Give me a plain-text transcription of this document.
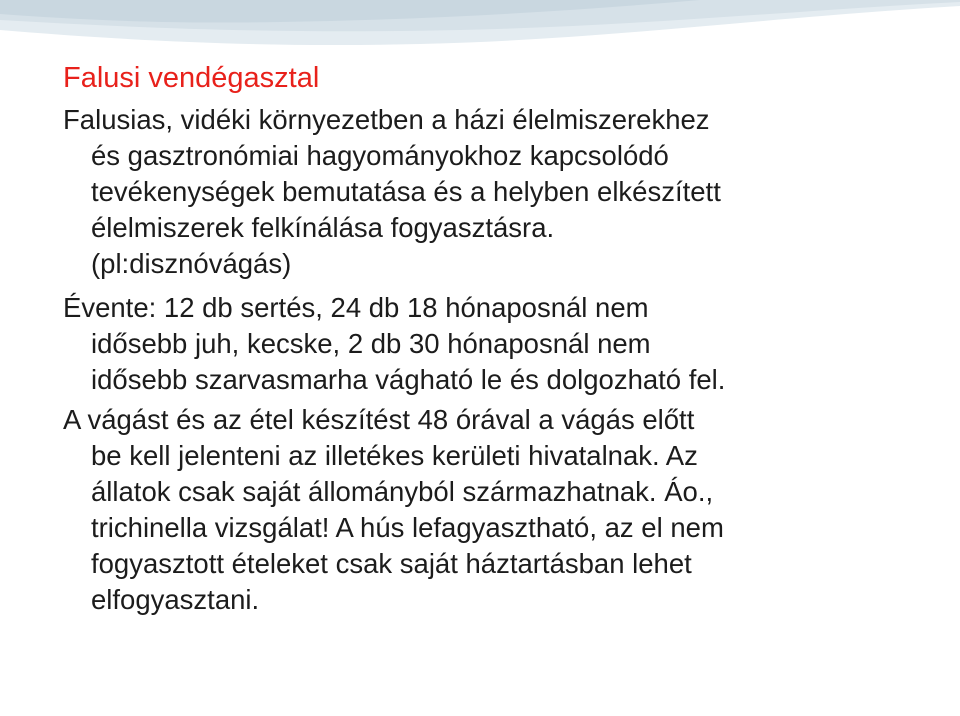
Falusi vendégasztal

Falusias, vidéki környezetben a házi élelmiszerekhez
és gasztronómiai hagyományokhoz kapcsolódó
tevékenységek bemutatása és a helyben elkészített
élelmiszerek felkínálása fogyasztásra.
(pl:disznóvágás)

Évente: 12 db sertés, 24 db 18 hónaposnál nem
idősebb juh, kecske, 2 db 30 hónaposnál nem
idősebb szarvasmarha vágható le és dolgozható fel.

A vágást és az étel készítést 48 órával a vágás előtt
be kell jelenteni az illetékes kerületi hivatalnak. Az
állatok csak saját állományból származhatnak. Áo.,
trichinella vizsgálat! A hús lefagyasztható, az el nem
fogyasztott ételeket csak saját háztartásban lehet
elfogyasztani.
